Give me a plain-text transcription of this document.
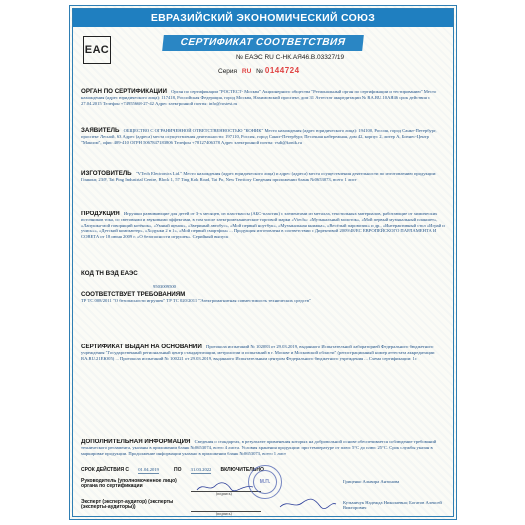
ЕВРАЗИЙСКИЙ ЭКОНОМИЧЕСКИЙ СОЮЗ
ЕАС
СЕРТИФИКАТ СООТВЕТСТВИЯ
№ ЕАЭС RU С-НК.АЯ46.В.03327/19
Серия RU № 0144724
ОРГАН ПО СЕРТИФИКАЦИИ Орган по сертификации "РОСТЕСТ- Москва" Акционерного общества "Региональный орган по сертификации и тестированию" Место нахождения (адрес юридического лица): 117418, Российская Федерация, город Москва, Нахимовский проспект, дом 31 Аттестат аккредитации № RA.RU.10АЯ46 срок действия с 27.04.2015 Телефон +74955668-27-42 Адрес электронной почты: info@rostest.ru
ЗАЯВИТЕЛЬ ОБЩЕСТВО С ОГРАНИЧЕННОЙ ОТВЕТСТВЕННОСТЬЮ "КОНИК" Место нахождения (адрес юридического лица): 194100, Россия, город Санкт-Петербург, проспект Лесной, 63 Адрес (адреса) места осуществления деятельности: 197110, Россия, город Санкт-Петербург, Песочная набережная, дом 42, корпус 2, литер А, Бизнес-Центр "Максим", офис 409-410 ОГРН 5067847183806 Телефон +78127406378 Адрес электронной почты: vsdi@konik.ru
ИЗГОТОВИТЕЛЬ "VTech Electronics Ltd." Место нахождения (адрес юридического лица) и адрес (адреса) места осуществления деятельности по изготовлению продукции: Гонконг, 23/F, Tai Ping Industrial Centre, Block 1, 57 Ting Kok Road, Tai Po, New Territory Сведения приложении бланк №0653073, всего 1 лист
ПРОДУКЦИЯ Игрушки развивающие для детей от 3-х месяцев, из пластмассы (АБС-пластик) с элементами из металла, текстильных материалов, работающие от химических источников тока, со световыми и звуковыми эффектами, в том числе электромеханические торговой марки «Vtech»: «Музыкальный молоток», «Мой первый музыкальный планшет», «Лапушка-мой говорящий котёнок», «Умный щенок», «Звериный автобус», «Мой первый ноутбук», «Музыкальная книжка», «Весёлый паровозик» и др., «Интерактивный стол «Играй и учись»», «Детский компьютер», «Ходунки 2 в 1», «Мой первый смартфон» ... Продукция изготовлена в соответствии с Директивой 2009/48/ЕС ЕВРОПЕЙСКОГО ПАРЛАМЕНТА И СОВЕТА от 18 июня 2009 г. «О безопасности игрушек». Серийный выпуск
КОД ТН ВЭД ЕАЭС
9503009500
СООТВЕТСТВУЕТ ТРЕБОВАНИЯМ
ТР ТС 008/2011 "О безопасности игрушек" ТР ТС 020/2011 "Электромагнитная совместимость технических средств"
СЕРТИФИКАТ ВЫДАН НА ОСНОВАНИИ Протокола испытаний № 102083 от 29.03.2019, выданного Испытательной лабораторией Федерального бюджетного учреждения "Государственный региональный центр стандартизации, метрологии и испытаний в г. Москве и Московской области" (регистрационный номер аттестата аккредитации RA.RU.21ЕЮ05) ... Протокола испытаний № 100221 от 29.03.2019, выданного Испытательным центром Федерального бюджетного учреждения ... Схема сертификации: 1с
ДОПОЛНИТЕЛЬНАЯ ИНФОРМАЦИЯ Сведения о стандартах, в результате применения которых на добровольной основе обеспечивается соблюдение требований технического регламента, указаны в приложении бланк №0653074, всего 4 листа. Условия хранения продукции: при температуре от плюс 5°С до плюс 25°С. Срок службы указан в маркировке продукции. Продолжение информации указано в приложении бланк №0653073, всего 1 лист
СРОК ДЕЙСТВИЯ С 01.04.2019	ПО 31.03.2022 ВКЛЮЧИТЕЛЬНО
Руководитель (уполномоченное лицо) органа по сертификации
(подпись)
Гриценко Альвира Антонова
М.П.
Эксперт (эксперт-аудитор) (эксперты (эксперты-аудиторы))
(подпись)
Кузьмичук Надежда Николаевна; Богатов Алексей Викторович
